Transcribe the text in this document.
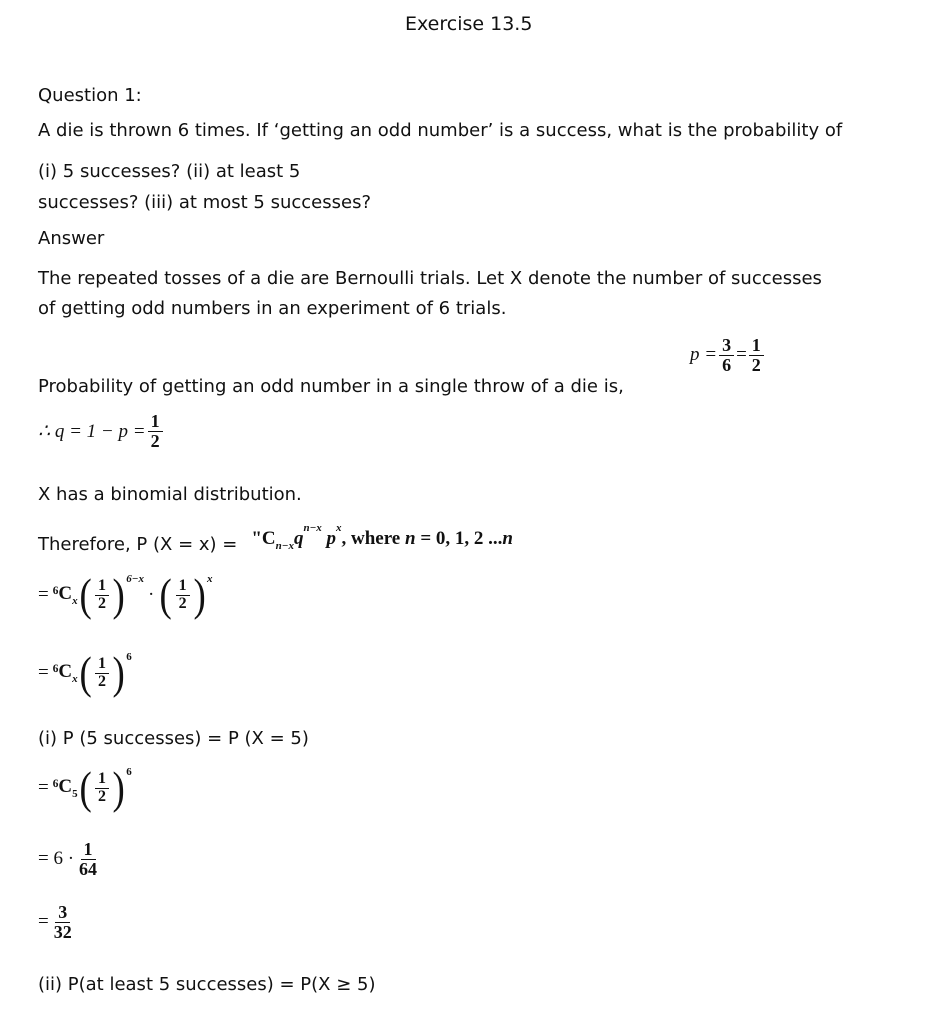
Exercise 13.5
Question 1:
A die is thrown 6 times. If ‘getting an odd number’ is a success, what is the probability of
(i) 5 successes? (ii) at least 5
successes? (iii) at most 5 successes?
Answer
The repeated tosses of a die are Bernoulli trials. Let X denote the number of successes
of getting odd numbers in an experiment of 6 trials.
Probability of getting an odd number in a single throw of a die is,
$p = \frac{3}{6} = \frac{1}{2}$
∴ $q = 1 - p = \frac{1}{2}$
X has a binomial distribution.
Therefore, P $(X = x) = "C_{n-x}q^{n-x}$ $p^x$, where n = 0, 1, 2 ...n
= $^6C_x$ ( $\frac{1}{2} )^{6-x}$
· ( $\frac{1}{2} )^x$
= $^6C_x$ ( $\frac{1}{2} )^6$
(i) P (5 successes) = P (X = 5)
= $^6C_5$ ( $\frac{1}{2} )^6$
= $6 \cdot \frac{1}{64}$
= $\frac{3}{32}$
(ii) P(at least 5 successes) = P(X ≥ 5)
